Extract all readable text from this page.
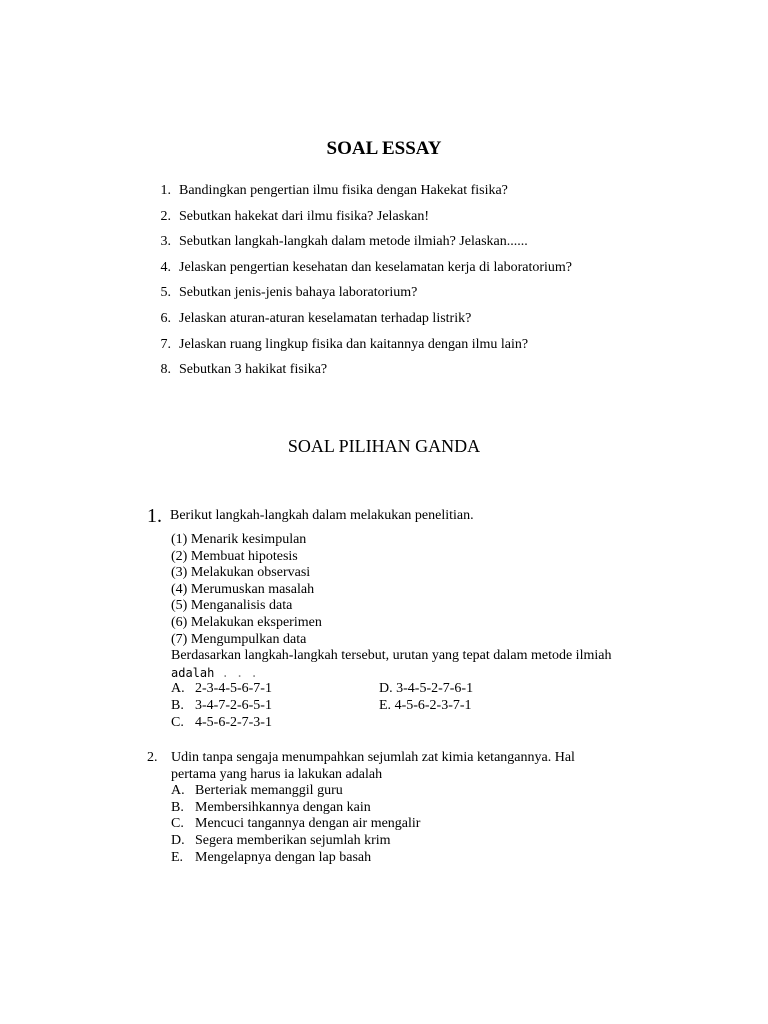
SOAL ESSAY
1. Bandingkan pengertian ilmu fisika dengan Hakekat fisika?
2. Sebutkan hakekat dari ilmu fisika? Jelaskan!
3. Sebutkan langkah-langkah dalam metode ilmiah? Jelaskan......
4. Jelaskan pengertian kesehatan dan keselamatan kerja di laboratorium?
5. Sebutkan jenis-jenis bahaya laboratorium?
6. Jelaskan aturan-aturan keselamatan terhadap listrik?
7. Jelaskan ruang lingkup fisika dan kaitannya dengan ilmu lain?
8. Sebutkan 3 hakikat fisika?
SOAL PILIHAN GANDA
1. Berikut langkah-langkah dalam melakukan penelitian.
(1) Menarik kesimpulan
(2) Membuat hipotesis
(3) Melakukan observasi
(4) Merumuskan masalah
(5) Menganalisis data
(6) Melakukan eksperimen
(7) Mengumpulkan data
Berdasarkan langkah-langkah tersebut, urutan yang tepat dalam metode ilmiah
adalah . . .
A. 2-3-4-5-6-7-1	D. 3-4-5-2-7-6-1
B. 3-4-7-2-6-5-1	E. 4-5-6-2-3-7-1
C. 4-5-6-2-7-3-1
2. Udin tanpa sengaja menumpahkan sejumlah zat kimia ketangannya. Hal
pertama yang harus ia lakukan adalah
A. Berteriak memanggil guru
B. Membersihkannya dengan kain
C. Mencuci tangannya dengan air mengalir
D. Segera memberikan sejumlah krim
E. Mengelapnya dengan lap basah
